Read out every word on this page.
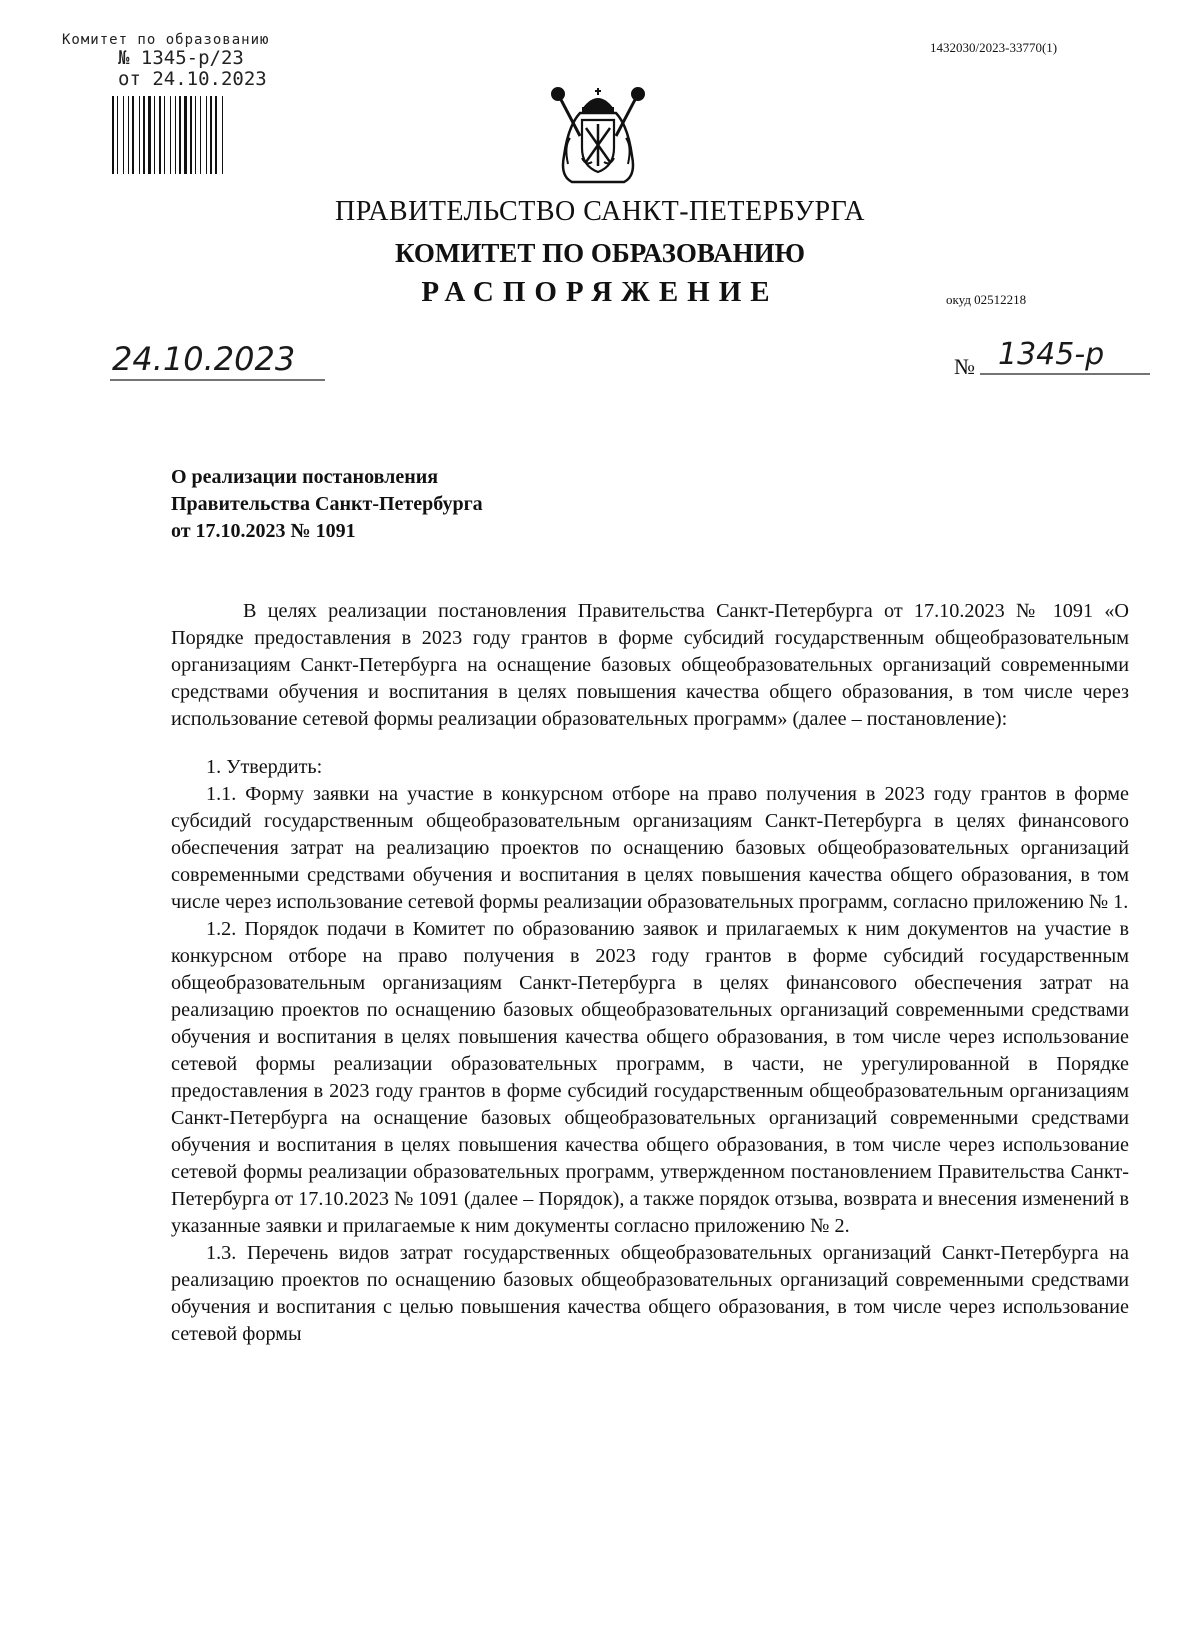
Комитет по образованию
№ 1345-р/23
от 24.10.2023
1432030/2023-33770(1)
ПРАВИТЕЛЬСТВО САНКТ-ПЕТЕРБУРГА
КОМИТЕТ ПО ОБРАЗОВАНИЮ
РАСПОРЯЖЕНИЕ	окуд 02512218
24.10.2023	№ 1345-р
О реализации постановления
Правительства Санкт-Петербурга
от 17.10.2023 № 1091

В целях реализации постановления Правительства Санкт-Петербурга от 17.10.2023 № 1091 «О Порядке предоставления в 2023 году грантов в форме субсидий государственным общеобразовательным организациям Санкт-Петербурга на оснащение базовых общеобразовательных организаций современными средствами обучения и воспитания в целях повышения качества общего образования, в том числе через использование сетевой формы реализации образовательных программ» (далее – постановление):

1. Утвердить:

1.1. Форму заявки на участие в конкурсном отборе на право получения в 2023 году грантов в форме субсидий государственным общеобразовательным организациям Санкт-Петербурга в целях финансового обеспечения затрат на реализацию проектов по оснащению базовых общеобразовательных организаций современными средствами обучения и воспитания в целях повышения качества общего образования, в том числе через использование сетевой формы реализации образовательных программ, согласно приложению № 1.

1.2. Порядок подачи в Комитет по образованию заявок и прилагаемых к ним документов на участие в конкурсном отборе на право получения в 2023 году грантов в форме субсидий государственным общеобразовательным организациям Санкт-Петербурга в целях финансового обеспечения затрат на реализацию проектов по оснащению базовых общеобразовательных организаций современными средствами обучения и воспитания в целях повышения качества общего образования, в том числе через использование сетевой формы реализации образовательных программ, в части, не урегулированной в Порядке предоставления в 2023 году грантов в форме субсидий государственным общеобразовательным организациям Санкт-Петербурга на оснащение базовых общеобразовательных организаций современными средствами обучения и воспитания в целях повышения качества общего образования, в том числе через использование сетевой формы реализации образовательных программ, утвержденном постановлением Правительства Санкт-Петербурга от 17.10.2023 № 1091 (далее – Порядок), а также порядок отзыва, возврата и внесения изменений в указанные заявки и прилагаемые к ним документы согласно приложению № 2.

1.3. Перечень видов затрат государственных общеобразовательных организаций Санкт-Петербурга на реализацию проектов по оснащению базовых общеобразовательных организаций современными средствами обучения и воспитания с целью повышения качества общего образования, в том числе через использование сетевой формы
